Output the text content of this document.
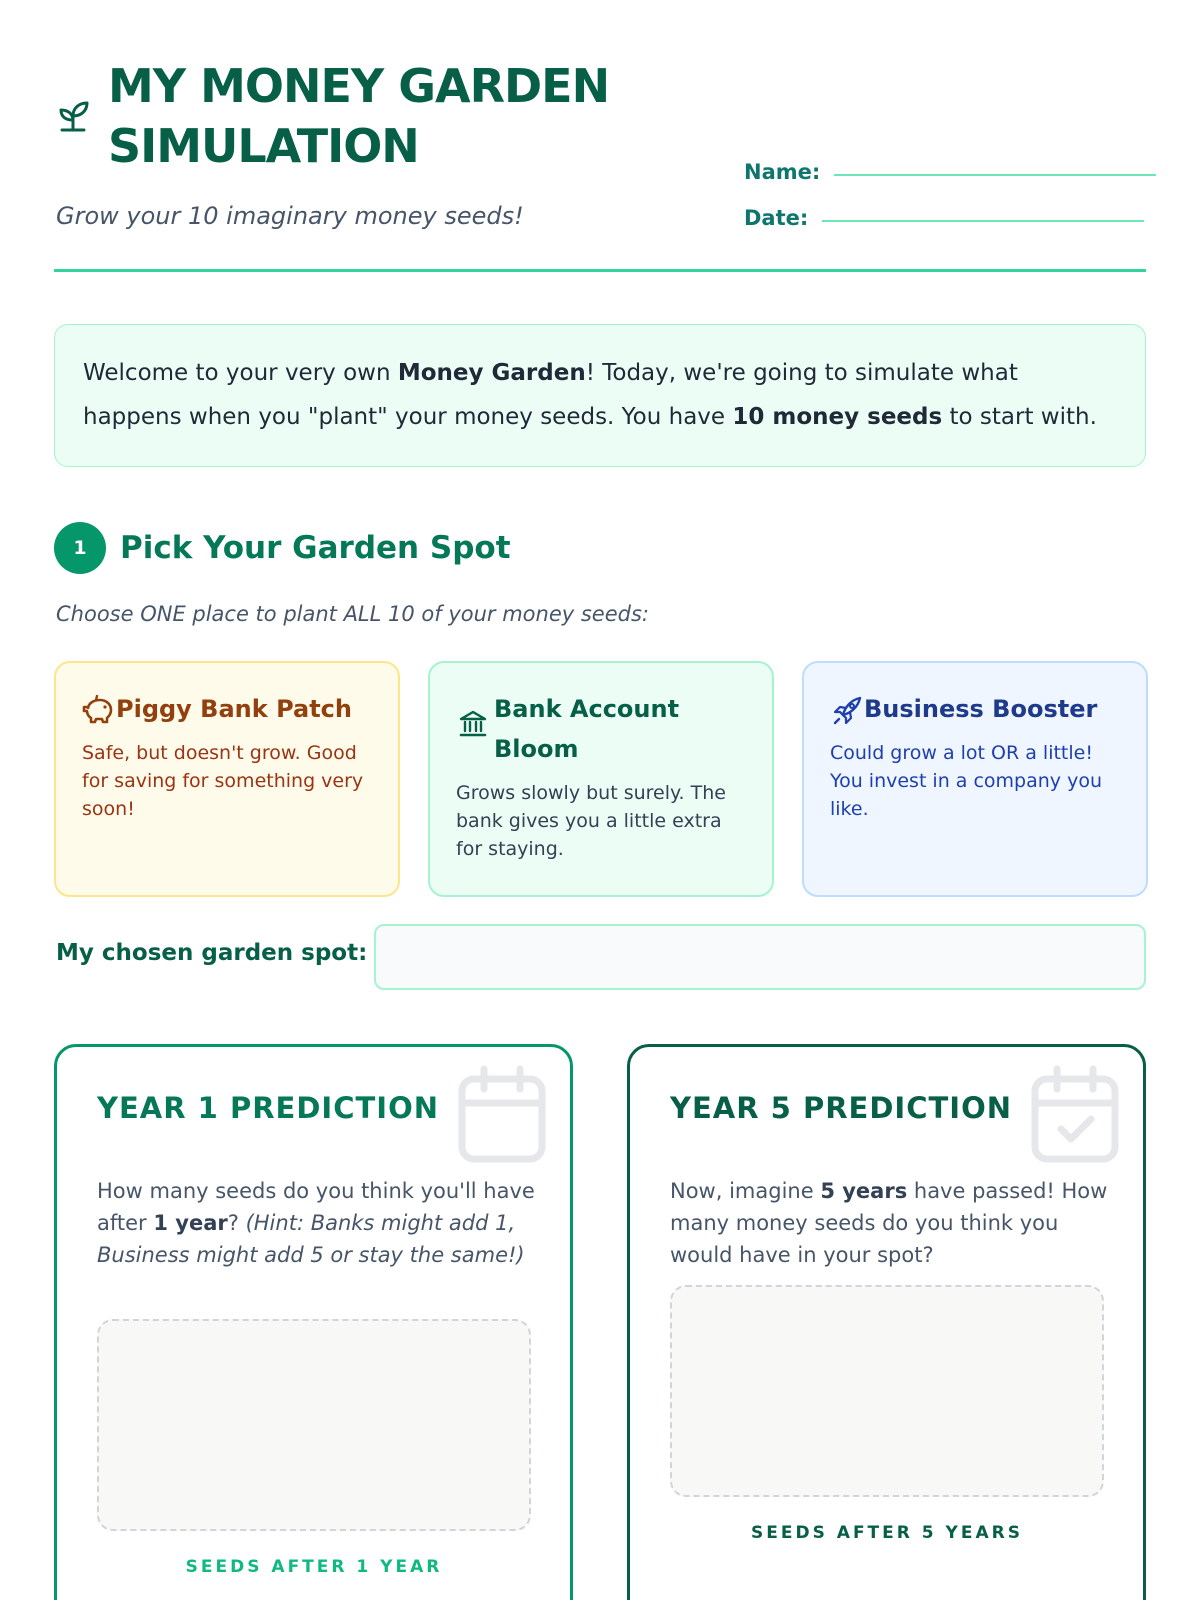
MY MONEY GARDEN SIMULATION
Grow your 10 imaginary money seeds!
Name:
Date:
Welcome to your very own Money Garden! Today, we're going to simulate what happens when you "plant" your money seeds. You have 10 money seeds to start with.
1	Pick Your Garden Spot
Choose ONE place to plant ALL 10 of your money seeds:
Piggy Bank Patch
Safe, but doesn't grow. Good for saving for something very soon!
Bank Account Bloom
Grows slowly but surely. The bank gives you a little extra for staying.
Business Booster
Could grow a lot OR a little! You invest in a company you like.
My chosen garden spot:
YEAR 1 PREDICTION
How many seeds do you think you'll have after 1 year? (Hint: Banks might add 1, Business might add 5 or stay the same!)
SEEDS AFTER 1 YEAR
YEAR 5 PREDICTION
Now, imagine 5 years have passed! How many money seeds do you think you would have in your spot?
SEEDS AFTER 5 YEARS
